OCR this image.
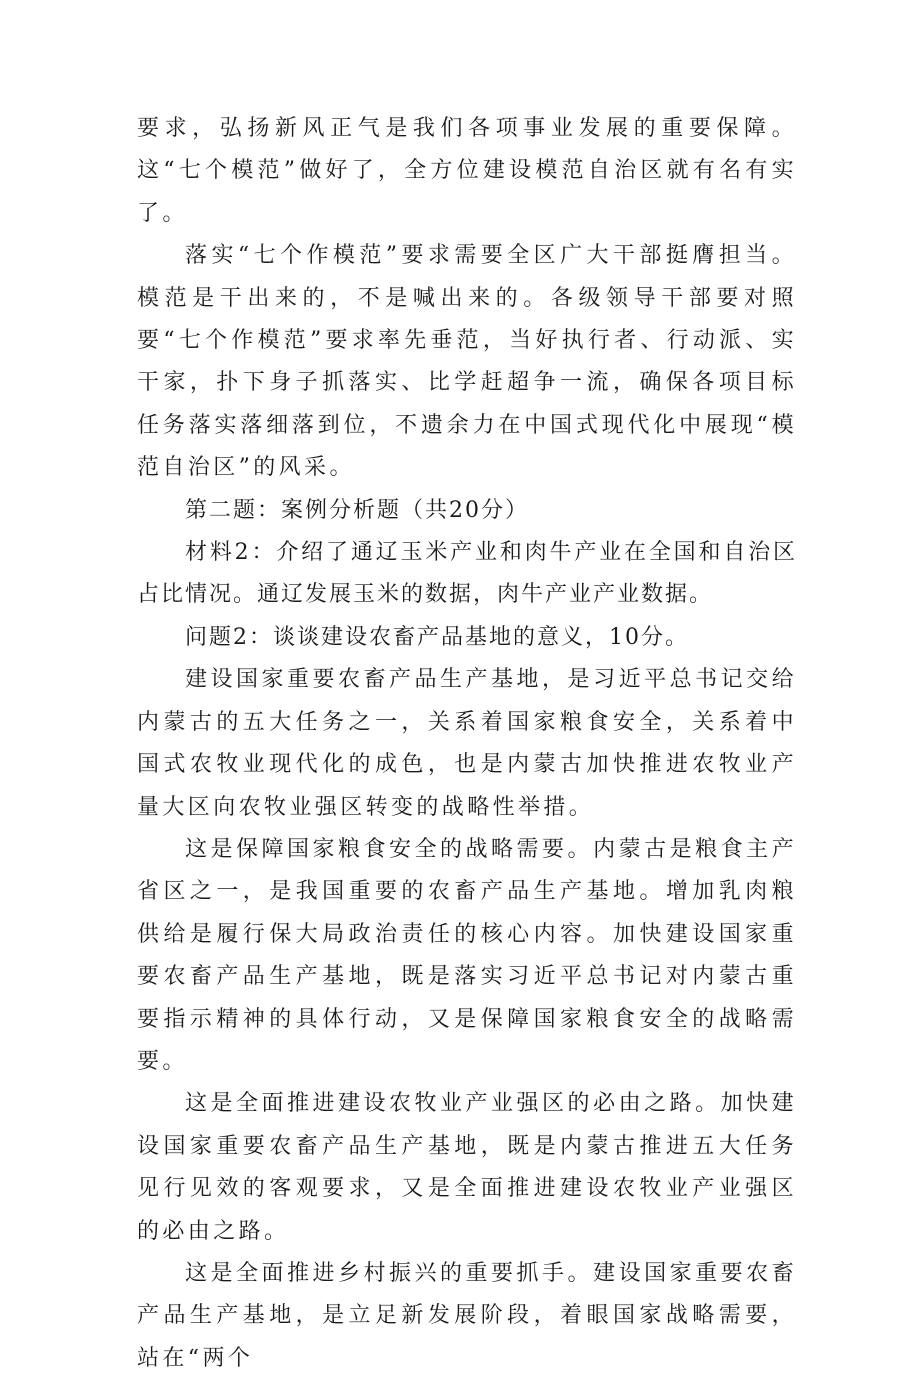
要求，弘扬新风正气是我们各项事业发展的重要保障。这“七个模范”做好了，全方位建设模范自治区就有名有实了。

落实“七个作模范”要求需要全区广大干部挺膺担当。模范是干出来的，不是喊出来的。各级领导干部要对照要“七个作模范”要求率先垂范，当好执行者、行动派、实干家，扑下身子抓落实、比学赶超争一流，确保各项目标任务落实落细落到位，不遗余力在中国式现代化中展现“模范自治区”的风采。

第二题：案例分析题（共20分）

材料2：介绍了通辽玉米产业和肉牛产业在全国和自治区占比情况。通辽发展玉米的数据，肉牛产业产业数据。

问题2：谈谈建设农畜产品基地的意义，10分。

建设国家重要农畜产品生产基地，是习近平总书记交给内蒙古的五大任务之一，关系着国家粮食安全，关系着中国式农牧业现代化的成色，也是内蒙古加快推进农牧业产量大区向农牧业强区转变的战略性举措。

这是保障国家粮食安全的战略需要。内蒙古是粮食主产省区之一，是我国重要的农畜产品生产基地。增加乳肉粮供给是履行保大局政治责任的核心内容。加快建设国家重要农畜产品生产基地，既是落实习近平总书记对内蒙古重要指示精神的具体行动，又是保障国家粮食安全的战略需要。

这是全面推进建设农牧业产业强区的必由之路。加快建设国家重要农畜产品生产基地，既是内蒙古推进五大任务见行见效的客观要求，又是全面推进建设农牧业产业强区的必由之路。

这是全面推进乡村振兴的重要抓手。建设国家重要农畜产品生产基地，是立足新发展阶段，着眼国家战略需要，站在“两个
